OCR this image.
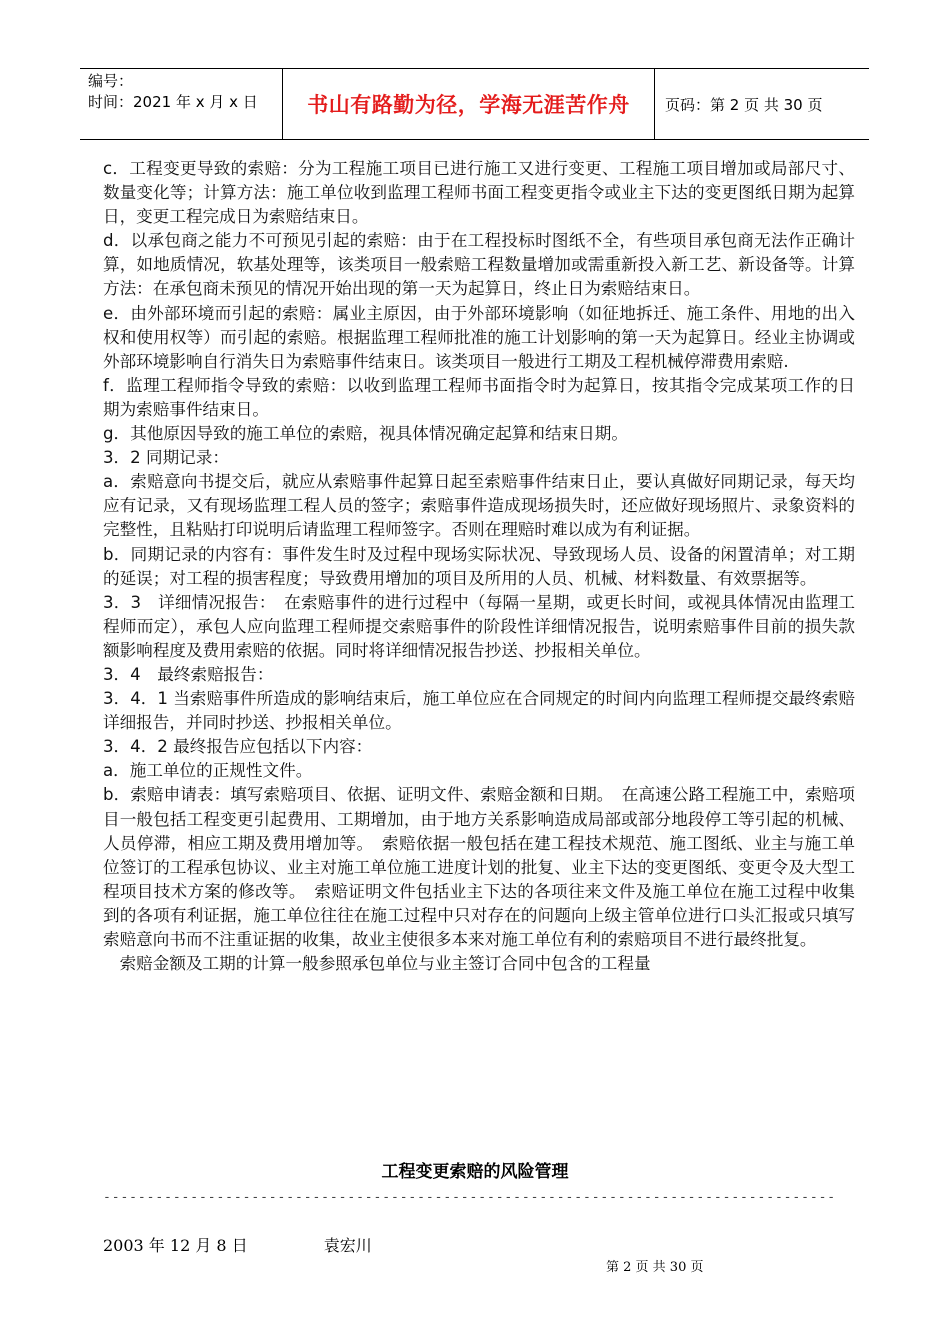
编号：
时间：2021 年 x 月 x 日	书山有路勤为径，学海无涯苦作舟	页码：第 2 页 共 30 页

c．工程变更导致的索赔：分为工程施工项目已进行施工又进行变更、工程施工项目增加或局部尺寸、数量变化等；计算方法：施工单位收到监理工程师书面工程变更指令或业主下达的变更图纸日期为起算日，变更工程完成日为索赔结束日。

d．以承包商之能力不可预见引起的索赔：由于在工程投标时图纸不全，有些项目承包商无法作正确计算，如地质情况，软基处理等，该类项目一般索赔工程数量增加或需重新投入新工艺、新设备等。计算方法：在承包商未预见的情况开始出现的第一天为起算日，终止日为索赔结束日。

e．由外部环境而引起的索赔：属业主原因，由于外部环境影响（如征地拆迁、施工条件、用地的出入权和使用权等）而引起的索赔。根据监理工程师批准的施工计划影响的第一天为起算日。经业主协调或外部环境影响自行消失日为索赔事件结束日。该类项目一般进行工期及工程机械停滞费用索赔.

f．监理工程师指令导致的索赔：以收到监理工程师书面指令时为起算日，按其指令完成某项工作的日期为索赔事件结束日。

g．其他原因导致的施工单位的索赔，视具体情况确定起算和结束日期。

3．2 同期记录：

a．索赔意向书提交后，就应从索赔事件起算日起至索赔事件结束日止，要认真做好同期记录，每天均应有记录，又有现场监理工程人员的签字；索赔事件造成现场损失时，还应做好现场照片、录象资料的完整性，且粘贴打印说明后请监理工程师签字。否则在理赔时难以成为有利证据。

b．同期记录的内容有：事件发生时及过程中现场实际状况、导致现场人员、设备的闲置清单；对工期的延误；对工程的损害程度；导致费用增加的项目及所用的人员、机械、材料数量、有效票据等。

3．3　详细情况报告：　在索赔事件的进行过程中（每隔一星期，或更长时间，或视具体情况由监理工程师而定），承包人应向监理工程师提交索赔事件的阶段性详细情况报告，说明索赔事件目前的损失款额影响程度及费用索赔的依据。同时将详细情况报告抄送、抄报相关单位。

3．4　最终索赔报告：

3．4．1 当索赔事件所造成的影响结束后，施工单位应在合同规定的时间内向监理工程师提交最终索赔详细报告，并同时抄送、抄报相关单位。

3．4．2 最终报告应包括以下内容：

a．施工单位的正规性文件。

b．索赔申请表：填写索赔项目、依据、证明文件、索赔金额和日期。　在高速公路工程施工中，索赔项目一般包括工程变更引起费用、工期增加，由于地方关系影响造成局部或部分地段停工等引起的机械、人员停滞，相应工期及费用增加等。　索赔依据一般包括在建工程技术规范、施工图纸、业主与施工单位签订的工程承包协议、业主对施工单位施工进度计划的批复、业主下达的变更图纸、变更令及大型工程项目技术方案的修改等。　索赔证明文件包括业主下达的各项往来文件及施工单位在施工过程中收集到的各项有利证据，施工单位往往在施工过程中只对存在的问题向上级主管单位进行口头汇报或只填写索赔意向书而不注重证据的收集，故业主使很多本来对施工单位有利的索赔项目不进行最终批复。

　索赔金额及工期的计算一般参照承包单位与业主签订合同中包含的工程量

工程变更索赔的风险管理
------------------------------------------------------------------------------------
2003 年 12 月 8 日	袁宏川
第 2 页 共 30 页
